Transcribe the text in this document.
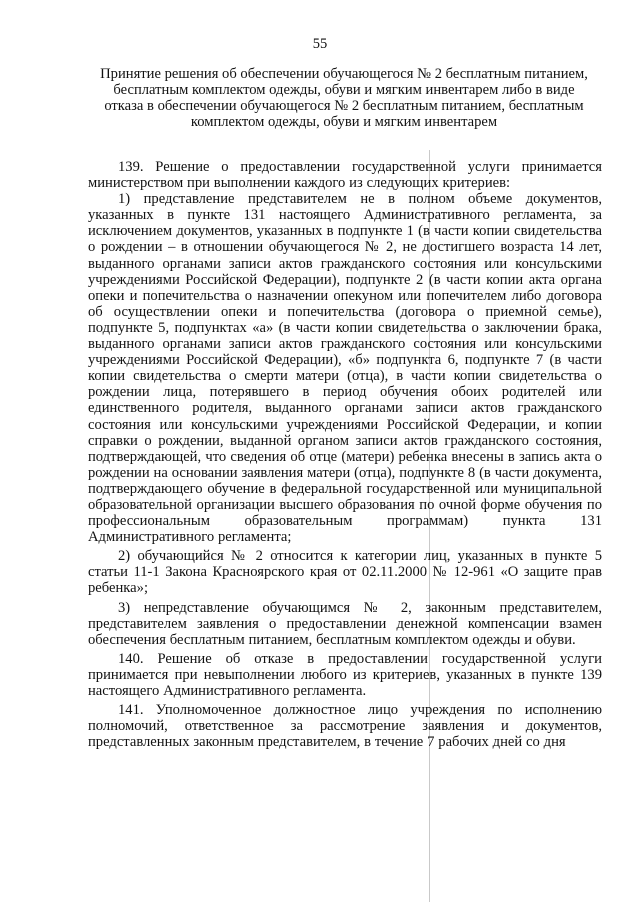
55
Принятие решения об обеспечении обучающегося № 2 бесплатным питанием, бесплатным комплектом одежды, обуви и мягким инвентарем либо в виде отказа в обеспечении обучающегося № 2 бесплатным питанием, бесплатным комплектом одежды, обуви и мягким инвентарем

139. Решение о предоставлении государственной услуги принимается министерством при выполнении каждого из следующих критериев:

1) представление представителем не в полном объеме документов, указанных в пункте 131 настоящего Административного регламента, за исключением документов, указанных в подпункте 1 (в части копии свидетельства о рождении – в отношении обучающегося № 2, не достигшего возраста 14 лет, выданного органами записи актов гражданского состояния или консульскими учреждениями Российской Федерации), подпункте 2 (в части копии акта органа опеки и попечительства о назначении опекуном или попечителем либо договора об осуществлении опеки и попечительства (договора о приемной семье), подпункте 5, подпунктах «а» (в части копии свидетельства о заключении брака, выданного органами записи актов гражданского состояния или консульскими учреждениями Российской Федерации), «б» подпункта 6, подпункте 7 (в части копии свидетельства о смерти матери (отца), в части копии свидетельства о рождении лица, потерявшего в период обучения обоих родителей или единственного родителя, выданного органами записи актов гражданского состояния или консульскими учреждениями Российской Федерации, и копии справки о рождении, выданной органом записи актов гражданского состояния, подтверждающей, что сведения об отце (матери) ребенка внесены в запись акта о рождении на основании заявления матери (отца), подпункте 8 (в части документа, подтверждающего обучение в федеральной государственной или муниципальной образовательной организации высшего образования по очной форме обучения по профессиональным образовательным программам) пункта 131 Административного регламента;

2) обучающийся № 2 относится к категории лиц, указанных в пункте 5 статьи 11-1 Закона Красноярского края от 02.11.2000 № 12-961 «О защите прав ребенка»;

3) непредставление обучающимся № 2, законным представителем, представителем заявления о предоставлении денежной компенсации взамен обеспечения бесплатным питанием, бесплатным комплектом одежды и обуви.

140. Решение об отказе в предоставлении государственной услуги принимается при невыполнении любого из критериев, указанных в пункте 139 настоящего Административного регламента.

141. Уполномоченное должностное лицо учреждения по исполнению полномочий, ответственное за рассмотрение заявления и документов, представленных законным представителем, в течение 7 рабочих дней со дня
